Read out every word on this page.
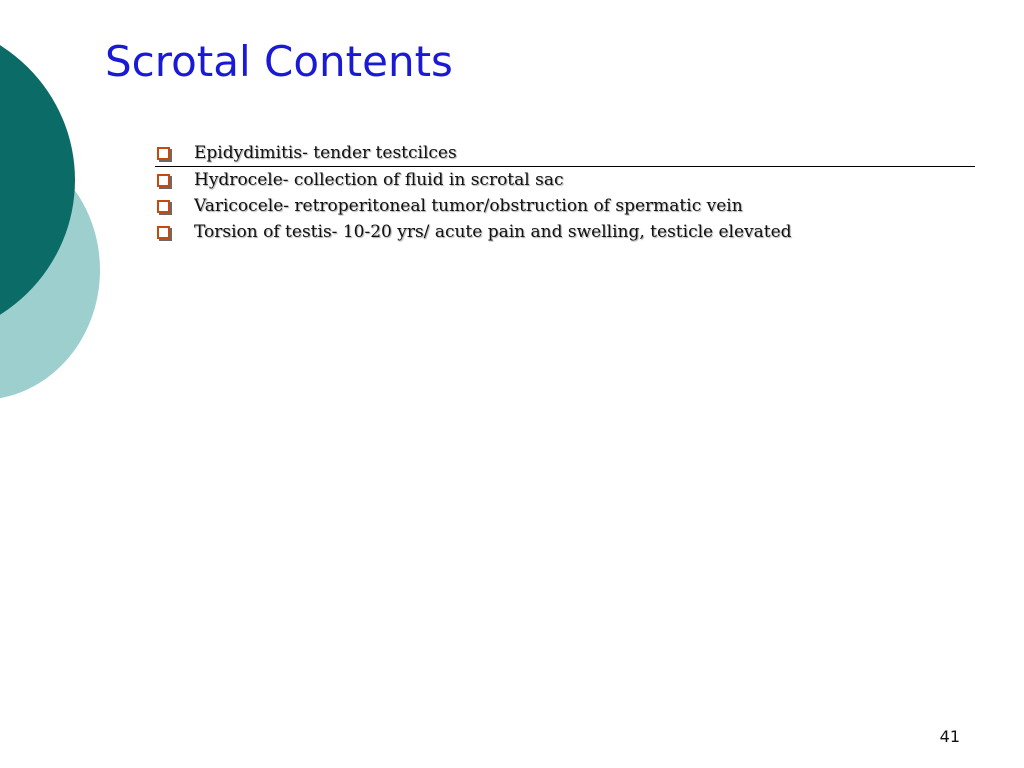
Scrotal Contents
Epidydimitis- tender testcilces
Hydrocele- collection of fluid in scrotal sac
Varicocele- retroperitoneal tumor/obstruction of spermatic vein
Torsion of testis- 10-20 yrs/ acute pain and swelling, testicle elevated
41
